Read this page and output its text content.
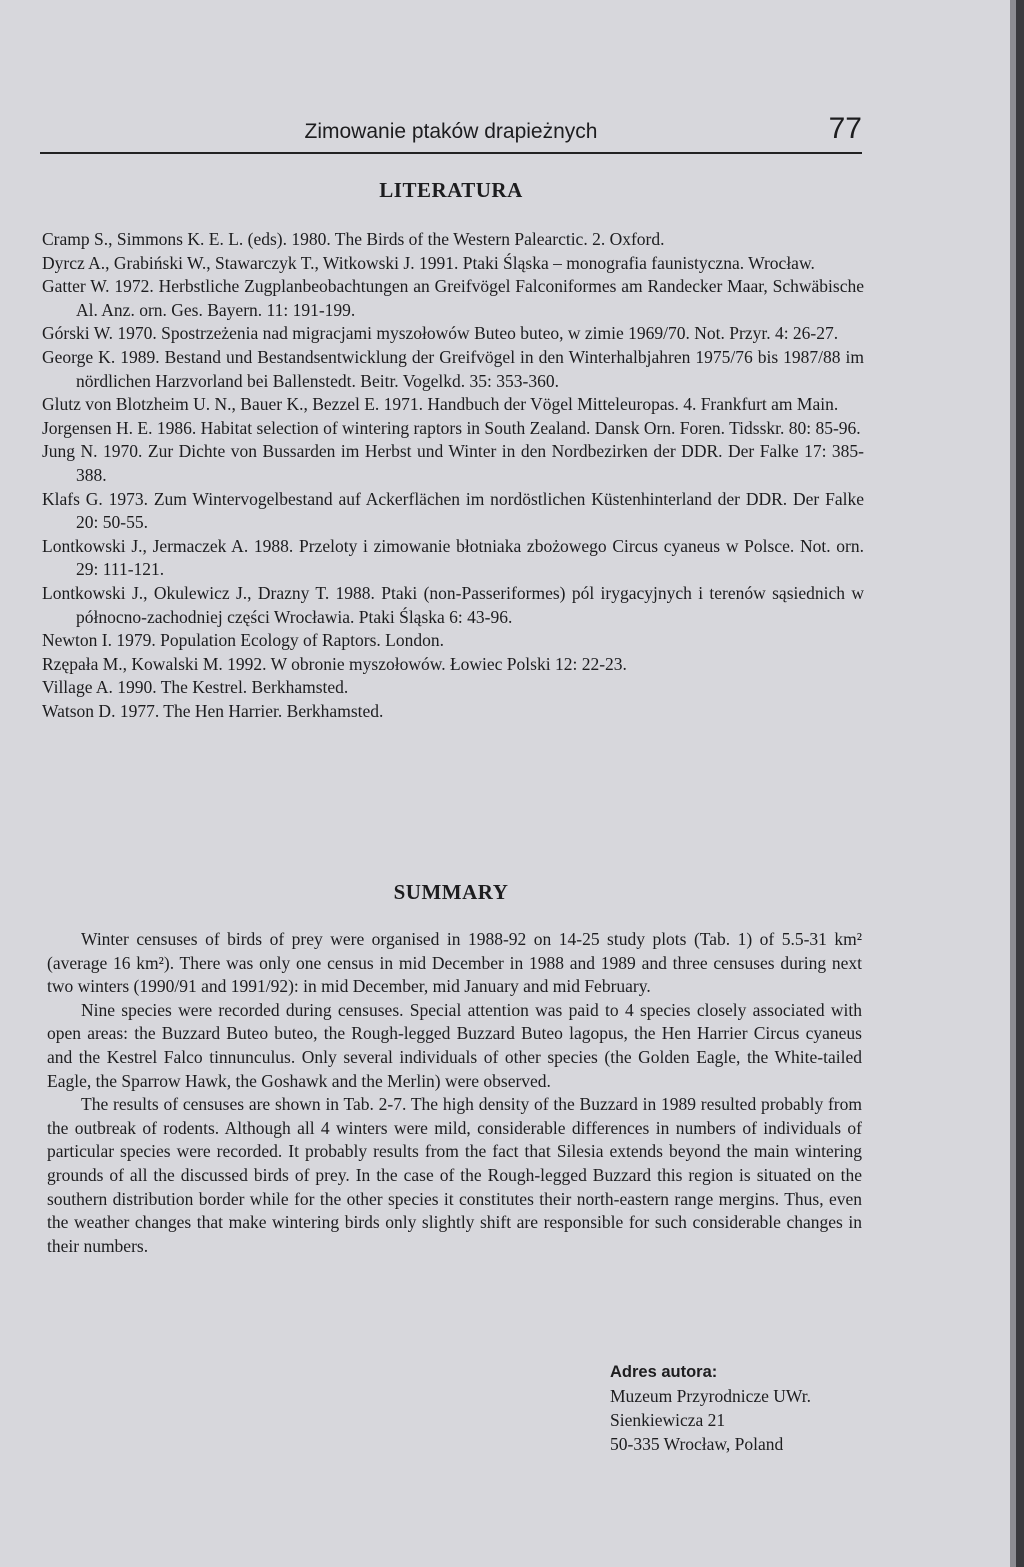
Zimowanie ptaków drapieżnych	77
LITERATURA
Cramp S., Simmons K. E. L. (eds). 1980. The Birds of the Western Palearctic. 2. Oxford.
Dyrcz A., Grabiński W., Stawarczyk T., Witkowski J. 1991. Ptaki Śląska – monografia faunistyczna. Wrocław.
Gatter W. 1972. Herbstliche Zugplanbeobachtungen an Greifvögel Falconiformes am Randecker Maar, Schwäbische Al. Anz. orn. Ges. Bayern. 11: 191-199.
Górski W. 1970. Spostrzeżenia nad migracjami myszołowów Buteo buteo, w zimie 1969/70. Not. Przyr. 4: 26-27.
George K. 1989. Bestand und Bestandsentwicklung der Greifvögel in den Winterhalbjahren 1975/76 bis 1987/88 im nördlichen Harzvorland bei Ballenstedt. Beitr. Vogelkd. 35: 353-360.
Glutz von Blotzheim U. N., Bauer K., Bezzel E. 1971. Handbuch der Vögel Mitteleuropas. 4. Frankfurt am Main.
Jorgensen H. E. 1986. Habitat selection of wintering raptors in South Zealand. Dansk Orn. Foren. Tidsskr. 80: 85-96.
Jung N. 1970. Zur Dichte von Bussarden im Herbst und Winter in den Nordbezirken der DDR. Der Falke 17: 385-388.
Klafs G. 1973. Zum Wintervogelbestand auf Ackerflächen im nordöstlichen Küstenhinterland der DDR. Der Falke 20: 50-55.
Lontkowski J., Jermaczek A. 1988. Przeloty i zimowanie błotniaka zbożowego Circus cyaneus w Polsce. Not. orn. 29: 111-121.
Lontkowski J., Okulewicz J., Drazny T. 1988. Ptaki (non-Passeriformes) pól irygacyjnych i terenów sąsiednich w północno-zachodniej części Wrocławia. Ptaki Śląska 6: 43-96.
Newton I. 1979. Population Ecology of Raptors. London.
Rzępała M., Kowalski M. 1992. W obronie myszołowów. Łowiec Polski 12: 22-23.
Village A. 1990. The Kestrel. Berkhamsted.
Watson D. 1977. The Hen Harrier. Berkhamsted.
SUMMARY

Winter censuses of birds of prey were organised in 1988-92 on 14-25 study plots (Tab. 1) of 5.5-31 km² (average 16 km²). There was only one census in mid December in 1988 and 1989 and three censuses during next two winters (1990/91 and 1991/92): in mid December, mid January and mid February.

Nine species were recorded during censuses. Special attention was paid to 4 species closely associated with open areas: the Buzzard Buteo buteo, the Rough-legged Buzzard Buteo lagopus, the Hen Harrier Circus cyaneus and the Kestrel Falco tinnunculus. Only several individuals of other species (the Golden Eagle, the White-tailed Eagle, the Sparrow Hawk, the Goshawk and the Merlin) were observed.

The results of censuses are shown in Tab. 2-7. The high density of the Buzzard in 1989 resulted probably from the outbreak of rodents. Although all 4 winters were mild, considerable differences in numbers of individuals of particular species were recorded. It probably results from the fact that Silesia extends beyond the main wintering grounds of all the discussed birds of prey. In the case of the Rough-legged Buzzard this region is situated on the southern distribution border while for the other species it constitutes their north-eastern range mergins. Thus, even the weather changes that make wintering birds only slightly shift are responsible for such considerable changes in their numbers.

Adres autora:
Muzeum Przyrodnicze UWr.
Sienkiewicza 21
50-335 Wrocław, Poland
